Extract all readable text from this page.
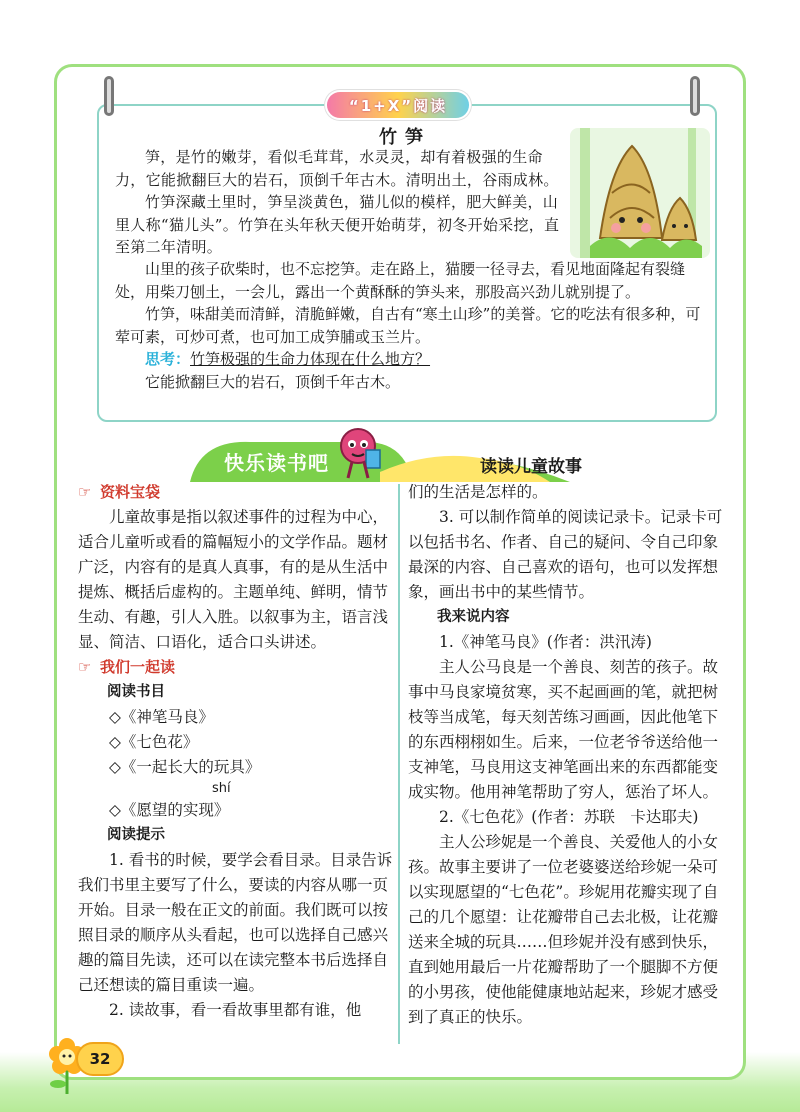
“1+X”阅读
竹笋

笋，是竹的嫩芽，看似毛茸茸，水灵灵，却有着极强的生命力，它能掀翻巨大的岩石，顶倒千年古木。清明出土，谷雨成林。

竹笋深藏土里时，笋呈淡黄色，猫儿似的模样，肥大鲜美，山里人称“猫儿头”。竹笋在头年秋天便开始萌芽，初冬开始采挖，直至第二年清明。

山里的孩子砍柴时，也不忘挖笋。走在路上，猫腰一径寻去，看见地面隆起有裂缝处，用柴刀刨土，一会儿，露出一个黄酥酥的笋头来，那股高兴劲儿就别提了。

竹笋，味甜美而清鲜，清脆鲜嫩，自古有“寒土山珍”的美誉。它的吃法有很多种，可荤可素，可炒可煮，也可加工成笋脯或玉兰片。

思考：竹笋极强的生命力体现在什么地方？

它能掀翻巨大的岩石，顶倒千年古木。

快乐读书吧	读读儿童故事

☞ 资料宝袋

儿童故事是指以叙述事件的过程为中心，适合儿童听或看的篇幅短小的文学作品。题材广泛，内容有的是真人真事，有的是从生活中提炼、概括后虚构的。主题单纯、鲜明，情节生动、有趣，引人入胜。以叙事为主，语言浅显、简洁、口语化，适合口头讲述。

☞ 我们一起读

阅读书目

◇《神笔马良》

◇《七色花》

◇《一起长大的玩具》

shí

◇《愿望的实现》

阅读提示

1. 看书的时候，要学会看目录。目录告诉我们书里主要写了什么，要读的内容从哪一页开始。目录一般在正文的前面。我们既可以按照目录的顺序从头看起，也可以选择自己感兴趣的篇目先读，还可以在读完整本书后选择自己还想读的篇目重读一遍。

2. 读故事，看一看故事里都有谁，他

们的生活是怎样的。

3. 可以制作简单的阅读记录卡。记录卡可以包括书名、作者、自己的疑问、令自己印象最深的内容、自己喜欢的语句，也可以发挥想象，画出书中的某些情节。

我来说内容

1.《神笔马良》(作者：洪汛涛)

主人公马良是一个善良、刻苦的孩子。故事中马良家境贫寒，买不起画画的笔，就把树枝等当成笔，每天刻苦练习画画，因此他笔下的东西栩栩如生。后来，一位老爷爷送给他一支神笔，马良用这支神笔画出来的东西都能变成实物。他用神笔帮助了穷人，惩治了坏人。

2.《七色花》(作者：苏联　卡达耶夫)

主人公珍妮是一个善良、关爱他人的小女孩。故事主要讲了一位老婆婆送给珍妮一朵可以实现愿望的“七色花”。珍妮用花瓣实现了自己的几个愿望：让花瓣带自己去北极，让花瓣送来全城的玩具……但珍妮并没有感到快乐，直到她用最后一片花瓣帮助了一个腿脚不方便的小男孩，使他能健康地站起来，珍妮才感受到了真正的快乐。

32
